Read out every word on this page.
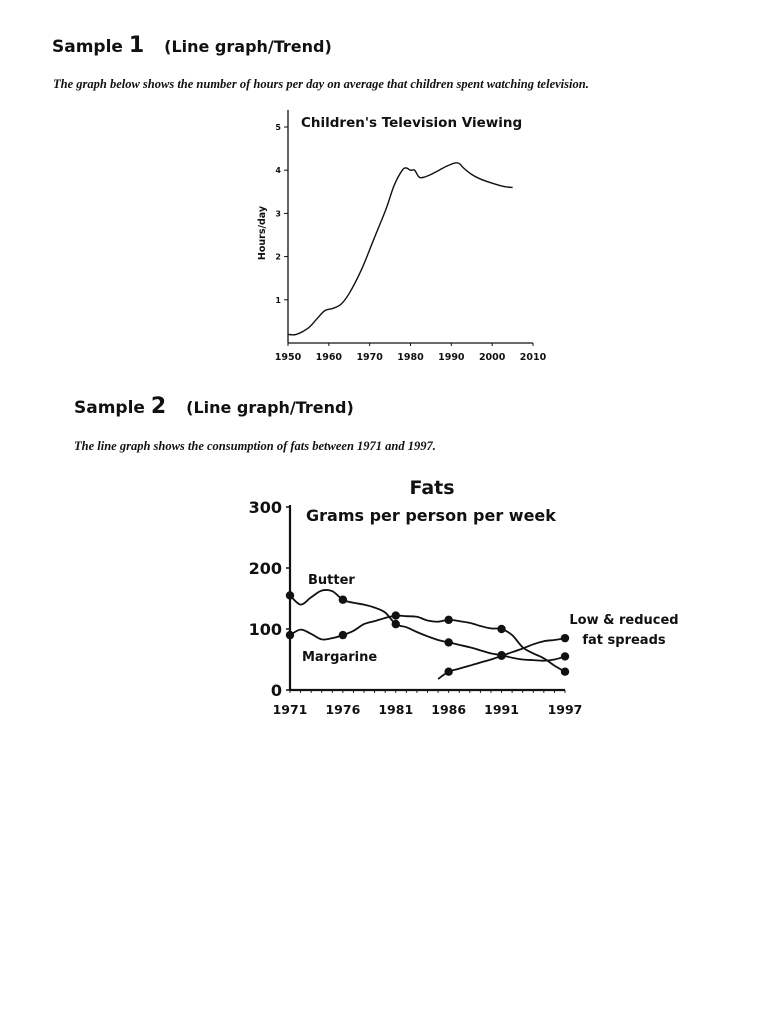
Sample 1 (Line graph/Trend)
The graph below shows the number of hours per day on average that children spent watching television.
Sample 2 (Line graph/Trend)
The line graph shows the consumption of fats between 1971 and 1997.
Children's Television Viewing
Hours/day
1950 1960 1970 1980 1990 2000 2010
1
2
3
4
5
Fats
Grams per person per week
1971 1976 1981 1986 1991 1997
0
100
200
300
Butter
Margarine
Low & reduced
fat spreads
